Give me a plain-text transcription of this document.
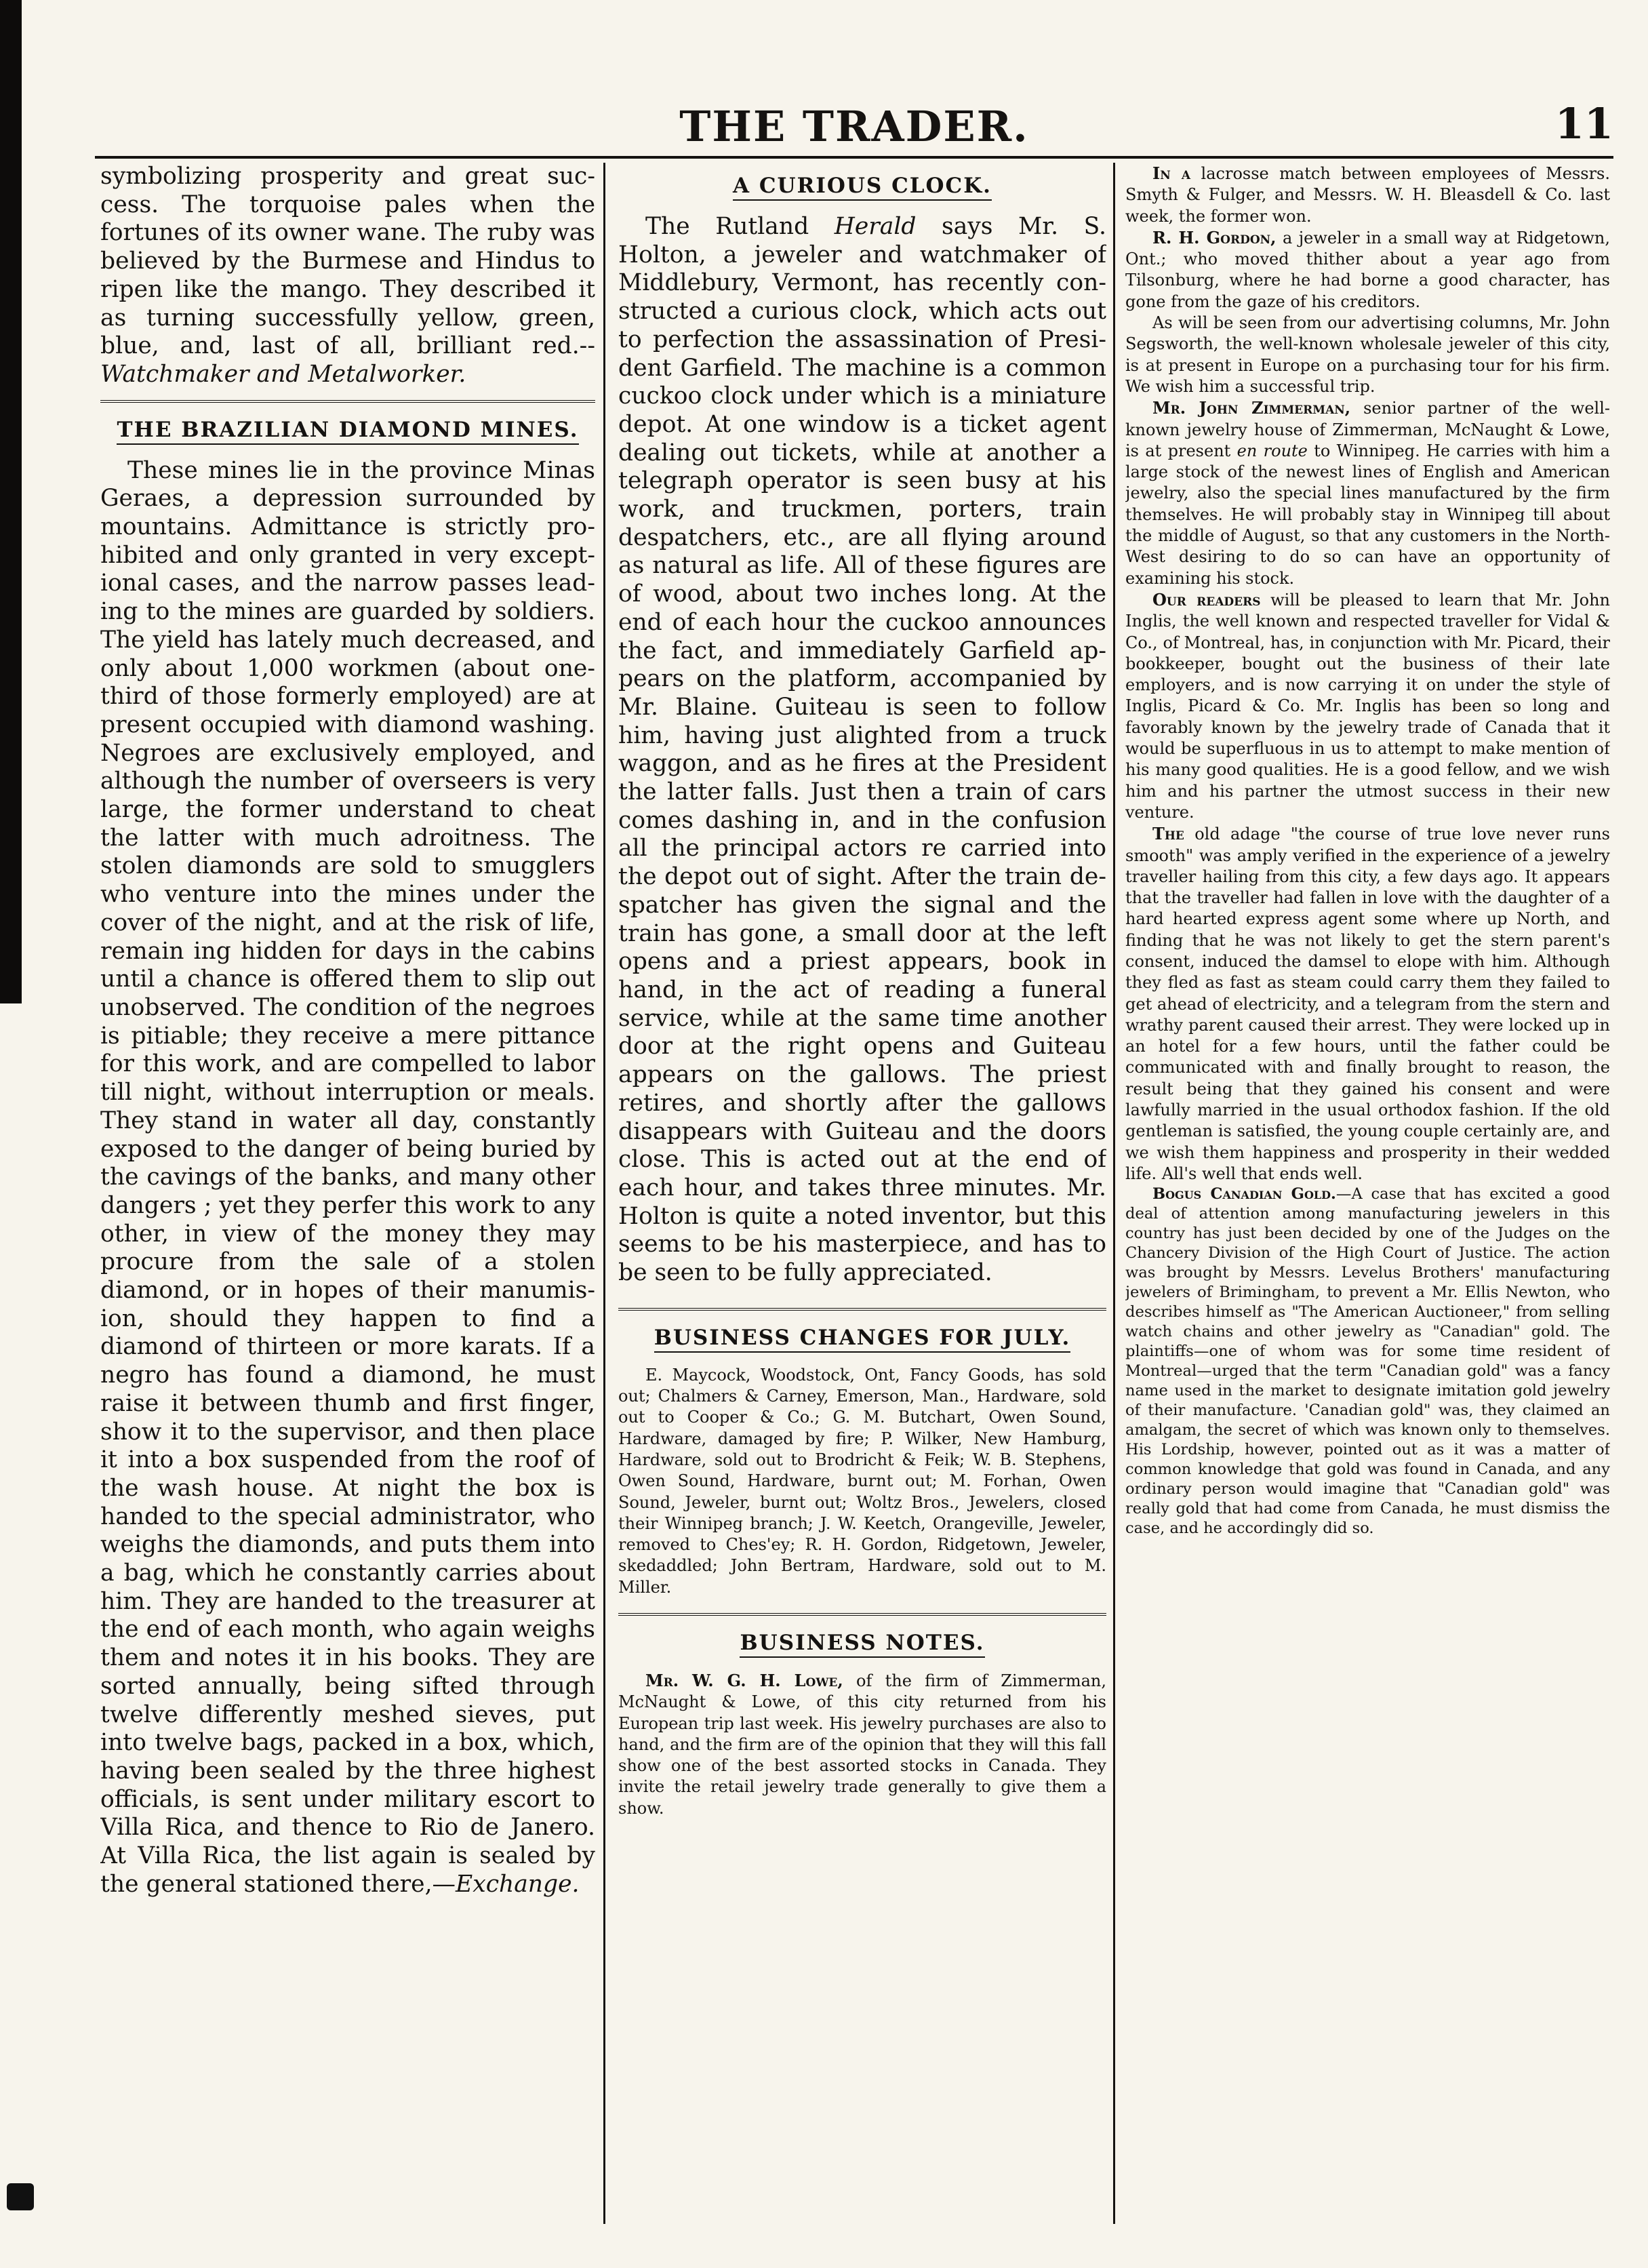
THE TRADER.	11

symbolizing prosperity and great success. The torquoise pales when the fortunes of its owner wane. The ruby was believed by the Burmese and Hindus to ripen like the mango. They described it as turning successfully yellow, green, blue, and, last of all, brilliant red.--Watchmaker and Metalworker.

THE BRAZILIAN DIAMOND MINES.

These mines lie in the province Minas Geraes, a depression surrounded by mountains. Admittance is strictly prohibited and only granted in very exceptional cases, and the narrow passes leading to the mines are guarded by soldiers. The yield has lately much decreased, and only about 1,000 workmen (about one-third of those formerly employed) are at present occupied with diamond washing. Negroes are exclusively employed, and although the number of overseers is very large, the former understand to cheat the latter with much adroitness. The stolen diamonds are sold to smugglers who venture into the mines under the cover of the night, and at the risk of life, remain ing hidden for days in the cabins until a chance is offered them to slip out unobserved. The condition of the negroes is pitiable; they receive a mere pittance for this work, and are compelled to labor till night, without interruption or meals. They stand in water all day, constantly exposed to the danger of being buried by the cavings of the banks, and many other dangers ; yet they perfer this work to any other, in view of the money they may procure from the sale of a stolen diamond, or in hopes of their manumision, should they happen to find a diamond of thirteen or more karats. If a negro has found a diamond, he must raise it between thumb and first finger, show it to the supervisor, and then place it into a box suspended from the roof of the wash house. At night the box is handed to the special administrator, who weighs the diamonds, and puts them into a bag, which he constantly carries about him. They are handed to the treasurer at the end of each month, who again weighs them and notes it in his books. They are sorted annually, being sifted through twelve differently meshed sieves, put into twelve bags, packed in a box, which, having been sealed by the three highest officials, is sent under military escort to Villa Rica, and thence to Rio de Janero. At Villa Rica, the list again is sealed by the general stationed there,—Exchange.

A CURIOUS CLOCK.

The Rutland Herald says Mr. S. Holton, a jeweler and watchmaker of Middlebury, Vermont, has recently constructed a curious clock, which acts out to perfection the assassination of President Garfield. The machine is a common cuckoo clock under which is a miniature depot. At one window is a ticket agent dealing out tickets, while at another a telegraph operator is seen busy at his work, and truckmen, porters, train despatchers, etc., are all flying around as natural as life. All of these figures are of wood, about two inches long. At the end of each hour the cuckoo announces the fact, and immediately Garfield appears on the platform, accompanied by Mr. Blaine. Guiteau is seen to follow him, having just alighted from a truck waggon, and as he fires at the President the latter falls. Just then a train of cars comes dashing in, and in the confusion all the principal actors re carried into the depot out of sight. After the train despatcher has given the signal and the train has gone, a small door at the left opens and a priest appears, book in hand, in the act of reading a funeral service, while at the same time another door at the right opens and Guiteau appears on the gallows. The priest retires, and shortly after the gallows disappears with Guiteau and the doors close. This is acted out at the end of each hour, and takes three minutes. Mr. Holton is quite a noted inventor, but this seems to be his masterpiece, and has to be seen to be fully appreciated.

BUSINESS CHANGES FOR JULY.

E. Maycock, Woodstock, Ont, Fancy Goods, has sold out; Chalmers & Carney, Emerson, Man., Hardware, sold out to Cooper & Co.; G. M. Butchart, Owen Sound, Hardware, damaged by fire; P. Wilker, New Hamburg, Hardware, sold out to Brodricht & Feik; W. B. Stephens, Owen Sound, Hardware, burnt out; M. Forhan, Owen Sound, Jeweler, burnt out; Woltz Bros., Jewelers, closed their Winnipeg branch; J. W. Keetch, Orangeville, Jeweler, removed to Ches'ey; R. H. Gordon, Ridgetown, Jeweler, skedaddled; John Bertram, Hardware, sold out to M. Miller.

BUSINESS NOTES.

Mr. W. G. H. Lowe, of the firm of Zimmerman, McNaught & Lowe, of this city returned from his European trip last week. His jewelry purchases are also to hand, and the firm are of the opinion that they will this fall show one of the best assorted stocks in Canada. They invite the retail jewelry trade generally to give them a show.

In a lacrosse match between employees of Messrs. Smyth & Fulger, and Messrs. W. H. Bleasdell & Co. last week, the former won.

R. H. Gordon, a jeweler in a small way at Ridgetown, Ont.; who moved thither about a year ago from Tilsonburg, where he had borne a good character, has gone from the gaze of his creditors.

As will be seen from our advertising columns, Mr. John Segsworth, the well-known wholesale jeweler of this city, is at present in Europe on a purchasing tour for his firm. We wish him a successful trip.

Mr. John Zimmerman, senior partner of the well-known jewelry house of Zimmerman, McNaught & Lowe, is at present en route to Winnipeg. He carries with him a large stock of the newest lines of English and American jewelry, also the special lines manufactured by the firm themselves. He will probably stay in Winnipeg till about the middle of August, so that any customers in the North-West desiring to do so can have an opportunity of examining his stock.

Our readers will be pleased to learn that Mr. John Inglis, the well known and respected traveller for Vidal & Co., of Montreal, has, in conjunction with Mr. Picard, their bookkeeper, bought out the business of their late employers, and is now carrying it on under the style of Inglis, Picard & Co. Mr. Inglis has been so long and favorably known by the jewelry trade of Canada that it would be superfluous in us to attempt to make mention of his many good qualities. He is a good fellow, and we wish him and his partner the utmost success in their new venture.

The old adage "the course of true love never runs smooth" was amply verified in the experience of a jewelry traveller hailing from this city, a few days ago. It appears that the traveller had fallen in love with the daughter of a hard hearted express agent some where up North, and finding that he was not likely to get the stern parent's consent, induced the damsel to elope with him. Although they fled as fast as steam could carry them they failed to get ahead of electricity, and a telegram from the stern and wrathy parent caused their arrest. They were locked up in an hotel for a few hours, until the father could be communicated with and finally brought to reason, the result being that they gained his consent and were lawfully married in the usual orthodox fashion. If the old gentleman is satisfied, the young couple certainly are, and we wish them happiness and prosperity in their wedded life. All's well that ends well.

Bogus Canadian Gold.—A case that has excited a good deal of attention among manufacturing jewelers in this country has just been decided by one of the Judges on the Chancery Division of the High Court of Justice. The action was brought by Messrs. Levelus Brothers' manufacturing jewelers of Brimingham, to prevent a Mr. Ellis Newton, who describes himself as "The American Auctioneer," from selling watch chains and other jewelry as "Canadian" gold. The plaintiffs—one of whom was for some time resident of Montreal—urged that the term "Canadian gold" was a fancy name used in the market to designate imitation gold jewelry of their manufacture. 'Canadian gold" was, they claimed an amalgam, the secret of which was known only to themselves. His Lordship, however, pointed out as it was a matter of common knowledge that gold was found in Canada, and any ordinary person would imagine that "Canadian gold" was really gold that had come from Canada, he must dismiss the case, and he accordingly did so.
